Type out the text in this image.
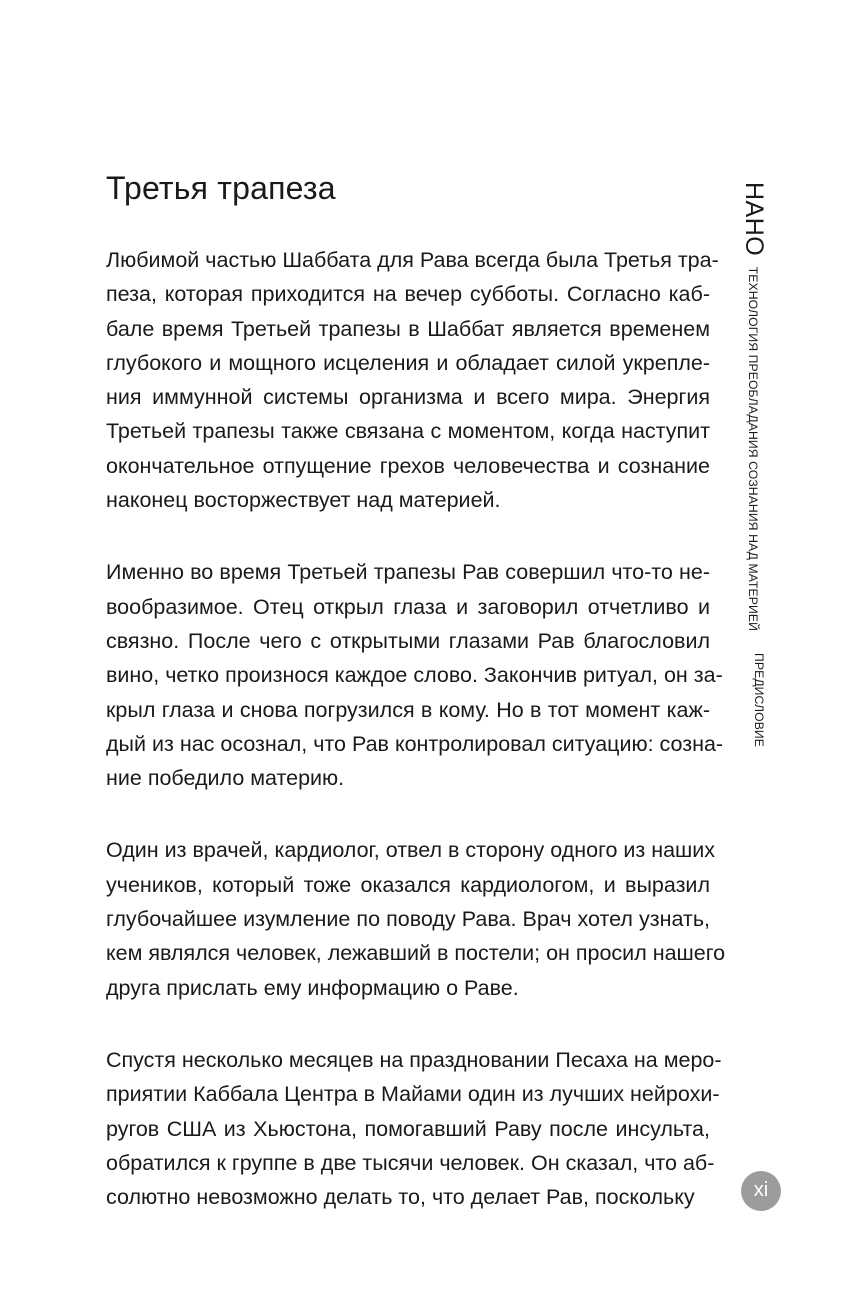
Третья трапеза
Любимой частью Шаббата для Рава всегда была Третья тра-
пеза, которая приходится на вечер субботы. Согласно каб-
бале время Третьей трапезы в Шаббат является временем
глубокого и мощного исцеления и обладает силой укрепле-
ния иммунной системы организма и всего мира. Энергия
Третьей трапезы также связана с моментом, когда наступит
окончательное отпущение грехов человечества и сознание
наконец восторжествует над материей.
Именно во время Третьей трапезы Рав совершил что-то не-
вообразимое. Отец открыл глаза и заговорил отчетливо и
связно. После чего с открытыми глазами Рав благословил
вино, четко произнося каждое слово. Закончив ритуал, он за-
крыл глаза и снова погрузился в кому. Но в тот момент каж-
дый из нас осознал, что Рав контролировал ситуацию: созна-
ние победило материю.
Один из врачей, кардиолог, отвел в сторону одного из наших
учеников, который тоже оказался кардиологом, и выразил
глубочайшее изумление по поводу Рава. Врач хотел узнать,
кем являлся человек, лежавший в постели; он просил нашего
друга прислать ему информацию о Раве.
Спустя несколько месяцев на праздновании Песаха на меро-
приятии Каббала Центра в Майами один из лучших нейрохи-
ругов США из Хьюстона, помогавший Раву после инсульта,
обратился к группе в две тысячи человек. Он сказал, что аб-
солютно невозможно делать то, что делает Рав, поскольку
НАНО ТЕХНОЛОГИЯ ПРЕОБЛАДАНИЯ СОЗНАНИЯ НАД МАТЕРИЕЙ
ПРЕДИСЛОВИЕ
xi
